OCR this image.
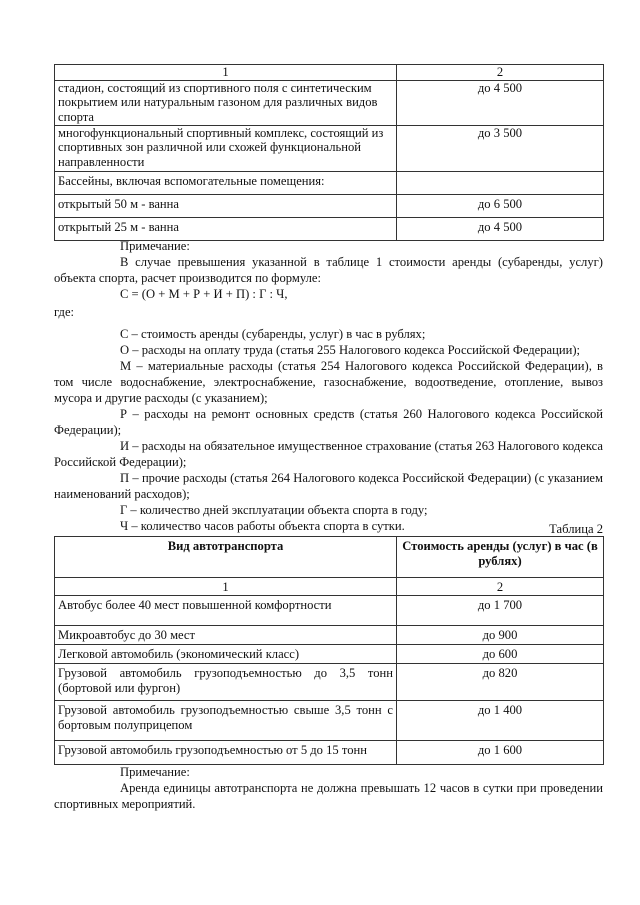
1	2
стадион, состоящий из спортивного поля с синтетическим покрытием или натуральным газоном для различных видов спорта	до 4 500
многофункциональный спортивный комплекс, состоящий из спортивных зон различной или схожей функциональной направленности	до 3 500
Бассейны, включая вспомогательные помещения:	
открытый 50 м - ванна	до 6 500
открытый 25 м - ванна	до 4 500

Примечание:

В случае превышения указанной в таблице 1 стоимости аренды (субаренды, услуг) объекта спорта, расчет производится по формуле:

С = (О + М + Р + И + П) : Г : Ч,

где:

С – стоимость аренды (субаренды, услуг) в час в рублях;

О – расходы на оплату труда (статья 255 Налогового кодекса Российской Федерации);

М – материальные расходы (статья 254 Налогового кодекса Российской Федерации), в том числе водоснабжение, электроснабжение, газоснабжение, водоотведение, отопление, вывоз мусора и другие расходы (с указанием);

Р – расходы на ремонт основных средств (статья 260 Налогового кодекса Российской Федерации);

И – расходы на обязательное имущественное страхование (статья 263 Налогового кодекса Российской Федерации);

П – прочие расходы (статья 264 Налогового кодекса Российской Федерации) (с указанием наименований расходов);

Г – количество дней эксплуатации объекта спорта в году;

Ч – количество часов работы объекта спорта в сутки.	Таблица 2
Вид автотранспорта	Стоимость аренды (услуг) в час (в рублях)
1	2
Автобус более 40 мест повышенной комфортности	до 1 700
Микроавтобус до 30 мест	до 900
Легковой автомобиль (экономический класс)	до 600
Грузовой автомобиль грузоподъемностью до 3,5 тонн (бортовой или фургон)	до 820
Грузовой автомобиль грузоподъемностью свыше 3,5 тонн с бортовым полуприцепом	до 1 400
Грузовой автомобиль грузоподъемностью от 5 до 15 тонн	до 1 600

Примечание:

Аренда единицы автотранспорта не должна превышать 12 часов в сутки при проведении спортивных мероприятий.
